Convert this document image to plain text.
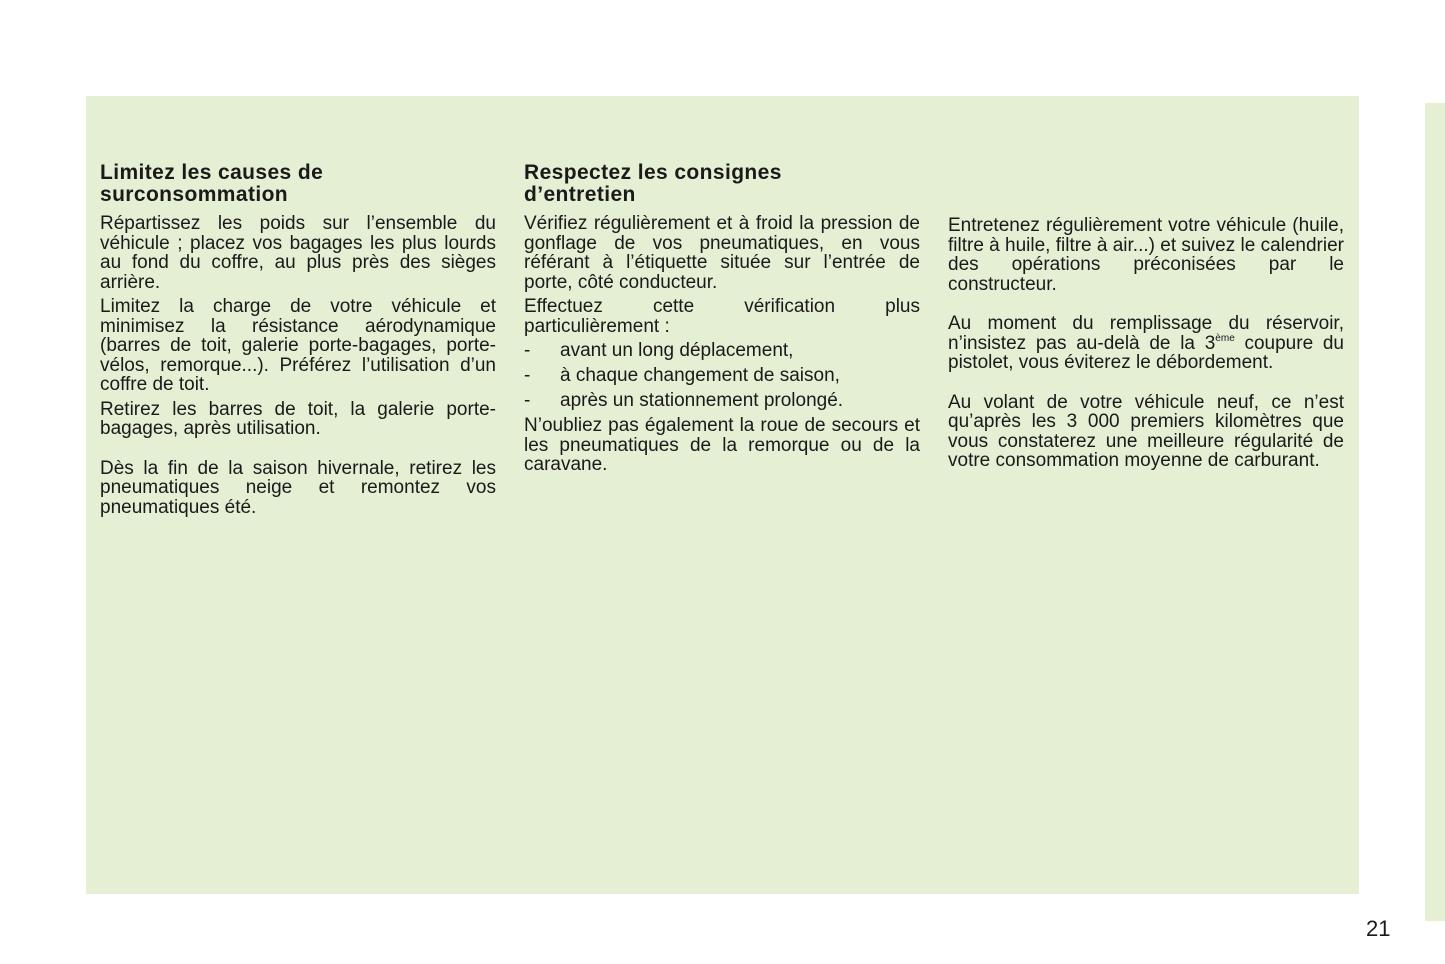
Limitez les causes de
surconsommation

Répartissez les poids sur l’ensemble du véhicule ; placez vos bagages les plus lourds au fond du coffre, au plus près des sièges arrière.

Limitez la charge de votre véhicule et minimisez la résistance aérodynamique (barres de toit, galerie porte-bagages, porte-vélos, remorque...). Préférez l’utilisation d’un coffre de toit.

Retirez les barres de toit, la galerie porte-bagages, après utilisation.

Dès la fin de la saison hivernale, retirez les pneumatiques neige et remontez vos pneumatiques été.

Respectez les consignes
d’entretien

Vérifiez régulièrement et à froid la pression de gonflage de vos pneumatiques, en vous référant à l’étiquette située sur l’entrée de porte, côté conducteur.

Effectuez cette vérification plus particulièrement :

-	avant un long déplacement,
-	à chaque changement de saison,
-	après un stationnement prolongé.

N’oubliez pas également la roue de secours et les pneumatiques de la remorque ou de la caravane.

Entretenez régulièrement votre véhicule (huile, filtre à huile, filtre à air...) et suivez le calendrier des opérations préconisées par le constructeur.

Au moment du remplissage du réservoir, n’insistez pas au-delà de la 3ème coupure du pistolet, vous éviterez le débordement.

Au volant de votre véhicule neuf, ce n’est qu’après les 3 000 premiers kilomètres que vous constaterez une meilleure régularité de votre consommation moyenne de carburant.

21
